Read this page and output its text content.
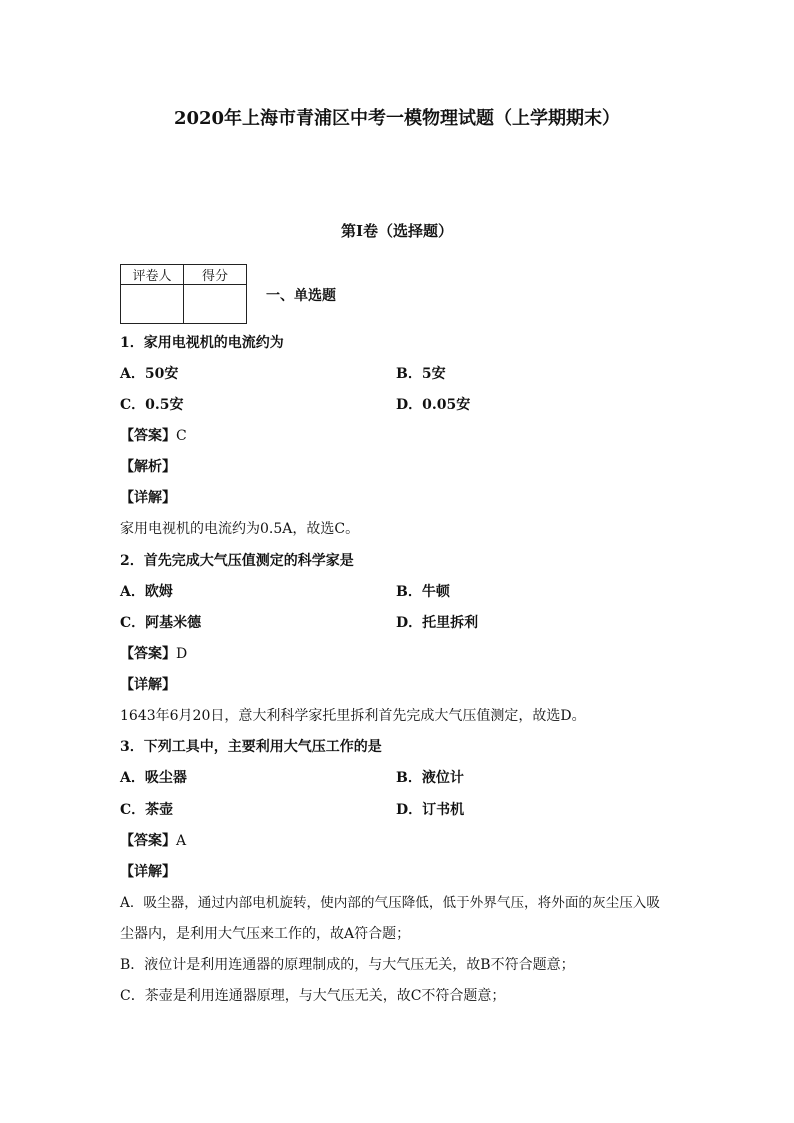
2020年上海市青浦区中考一模物理试题（上学期期末）
第I卷（选择题）
评卷人	得分

一、单选题
1．家用电视机的电流约为
A．50安	B．5安
C．0.5安	D．0.05安
【答案】C
【解析】
【详解】
家用电视机的电流约为0.5A，故选C。
2．首先完成大气压值测定的科学家是
A．欧姆	B．牛顿
C．阿基米德	D．托里拆利
【答案】D
【详解】
1643年6月20日，意大利科学家托里拆利首先完成大气压值测定，故选D。
3．下列工具中，主要利用大气压工作的是
A．吸尘器	B．液位计
C．茶壶	D．订书机
【答案】A
【详解】
A．吸尘器，通过内部电机旋转，使内部的气压降低，低于外界气压，将外面的灰尘压入吸
尘器内，是利用大气压来工作的，故A符合题；
B．液位计是利用连通器的原理制成的，与大气压无关，故B不符合题意；
C．茶壶是利用连通器原理，与大气压无关，故C不符合题意；
